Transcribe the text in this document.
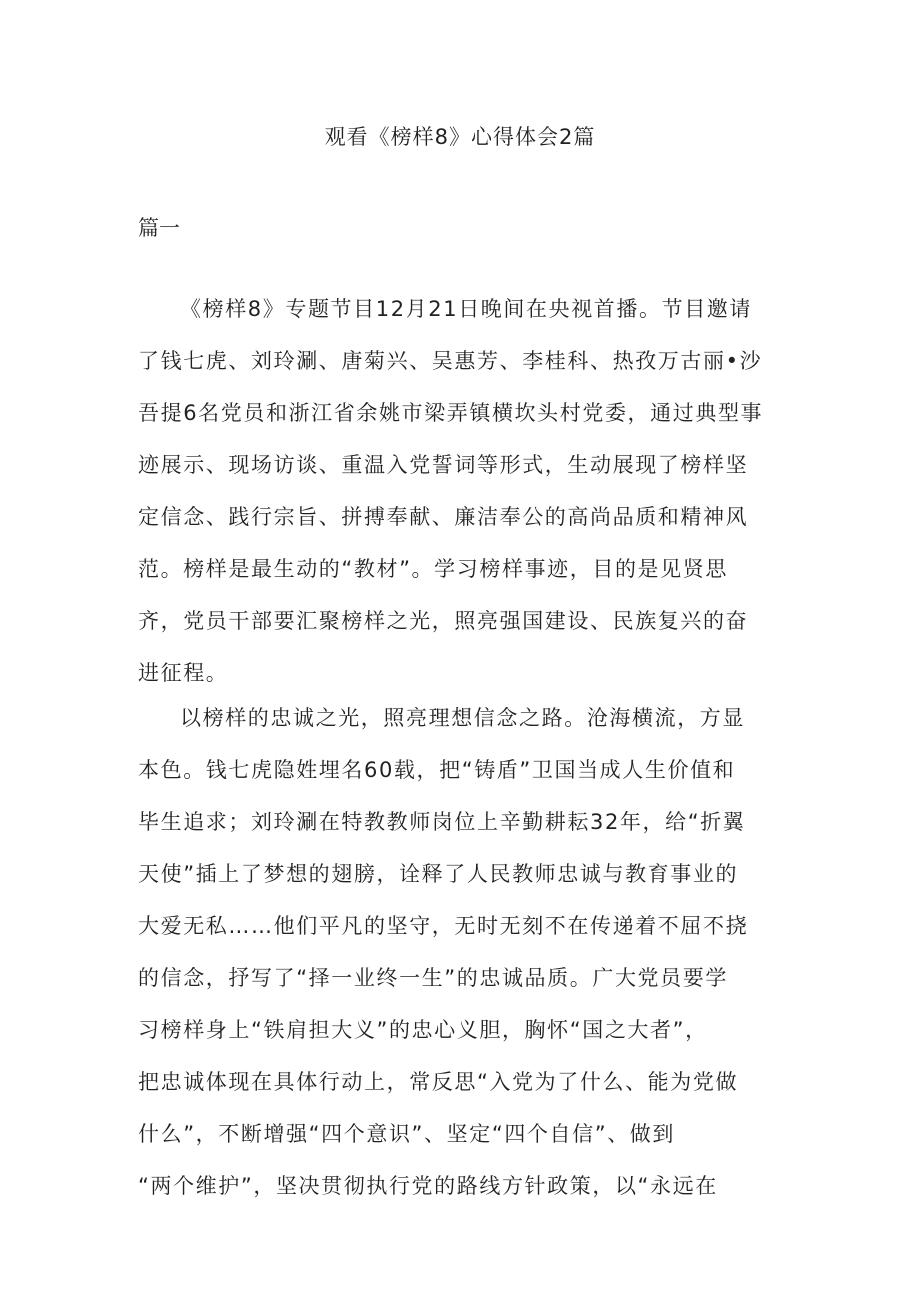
观看《榜样8》心得体会2篇
篇一
《榜样8》专题节目12月21日晚间在央视首播。节目邀请
了钱七虎、刘玲涮、唐菊兴、吴惠芳、李桂科、热孜万古丽•沙
吾提6名党员和浙江省余姚市梁弄镇横坎头村党委，通过典型事
迹展示、现场访谈、重温入党誓词等形式，生动展现了榜样坚
定信念、践行宗旨、拼搏奉献、廉洁奉公的高尚品质和精神风
范。榜样是最生动的“教材”。学习榜样事迹，目的是见贤思
齐，党员干部要汇聚榜样之光，照亮强国建设、民族复兴的奋
进征程。
以榜样的忠诚之光，照亮理想信念之路。沧海横流，方显
本色。钱七虎隐姓埋名60载，把“铸盾”卫国当成人生价值和
毕生追求；刘玲涮在特教教师岗位上辛勤耕耘32年，给“折翼
天使”插上了梦想的翅膀，诠释了人民教师忠诚与教育事业的
大爱无私……他们平凡的坚守，无时无刻不在传递着不屈不挠
的信念，抒写了“择一业终一生”的忠诚品质。广大党员要学
习榜样身上“铁肩担大义”的忠心义胆，胸怀“国之大者”，
把忠诚体现在具体行动上，常反思“入党为了什么、能为党做
什么”，不断增强“四个意识”、坚定“四个自信”、做到
“两个维护”，坚决贯彻执行党的路线方针政策，以“永远在
